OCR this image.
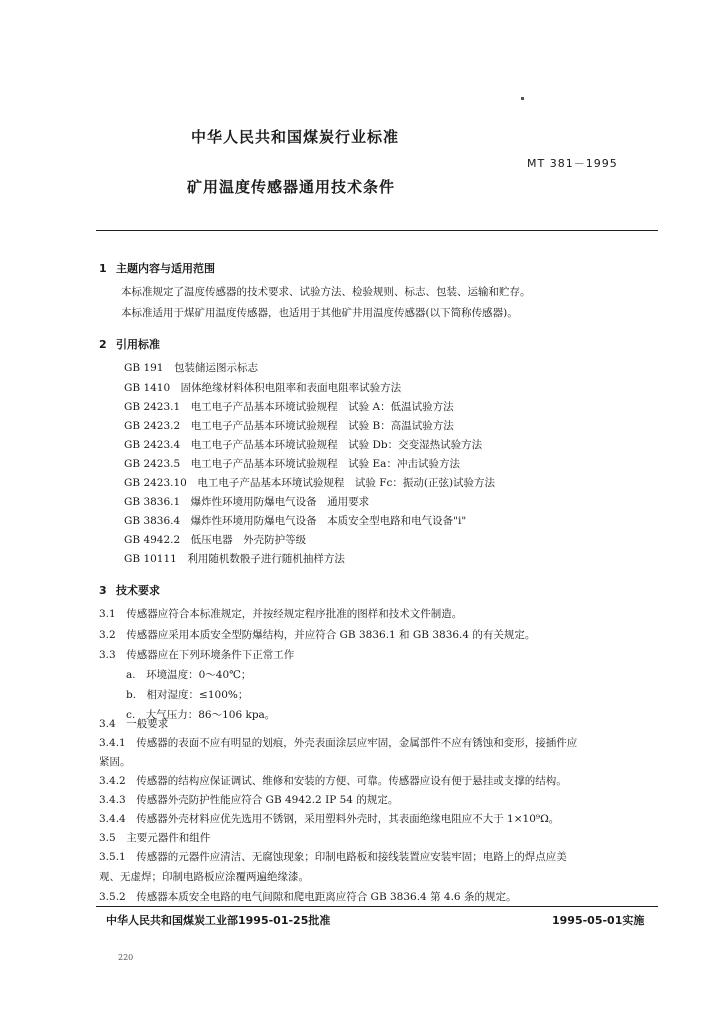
中华人民共和国煤炭行业标准
MT 381－1995
矿用温度传感器通用技术条件
1 主题内容与适用范围
本标准规定了温度传感器的技术要求、试验方法、检验规则、标志、包装、运输和贮存。
本标准适用于煤矿用温度传感器，也适用于其他矿井用温度传感器(以下简称传感器)。
2 引用标准
GB 191　包装储运图示标志
GB 1410　固体绝缘材料体积电阻率和表面电阻率试验方法
GB 2423.1　电工电子产品基本环境试验规程　试验 A：低温试验方法
GB 2423.2　电工电子产品基本环境试验规程　试验 B：高温试验方法
GB 2423.4　电工电子产品基本环境试验规程　试验 Db：交变湿热试验方法
GB 2423.5　电工电子产品基本环境试验规程　试验 Ea：冲击试验方法
GB 2423.10　电工电子产品基本环境试验规程　试验 Fc：振动(正弦)试验方法
GB 3836.1　爆炸性环境用防爆电气设备　通用要求
GB 3836.4　爆炸性环境用防爆电气设备　本质安全型电路和电气设备"i"
GB 4942.2　低压电器　外壳防护等级
GB 10111　利用随机数骰子进行随机抽样方法
3 技术要求
3.1　传感器应符合本标准规定，并按经规定程序批准的图样和技术文件制造。
3.2　传感器应采用本质安全型防爆结构，并应符合 GB 3836.1 和 GB 3836.4 的有关规定。
3.3　传感器应在下列环境条件下正常工作
a.　环境温度：0～40℃；
b.　相对湿度：≤100%；
c.　大气压力：86～106 kpa。
3.4　一般要求
3.4.1　传感器的表面不应有明显的划痕，外壳表面涂层应牢固，金属部件不应有锈蚀和变形，接插件应
紧固。
3.4.2　传感器的结构应保证调试、维修和安装的方便、可靠。传感器应设有便于悬挂或支撑的结构。
3.4.3　传感器外壳防护性能应符合 GB 4942.2 IP 54 的规定。
3.4.4　传感器外壳材料应优先选用不锈钢，采用塑料外壳时，其表面绝缘电阻应不大于 1×10⁹Ω。
3.5　主要元器件和组件
3.5.1　传感器的元器件应清洁、无腐蚀现象；印制电路板和接线装置应安装牢固；电路上的焊点应美
观、无虚焊；印制电路板应涂覆两遍绝缘漆。
中华人民共和国煤炭工业部1995-01-25批准	1995-05-01实施
220
3.5.2　传感器本质安全电路的电气间隙和爬电距离应符合 GB 3836.4 第 4.6 条的规定。
